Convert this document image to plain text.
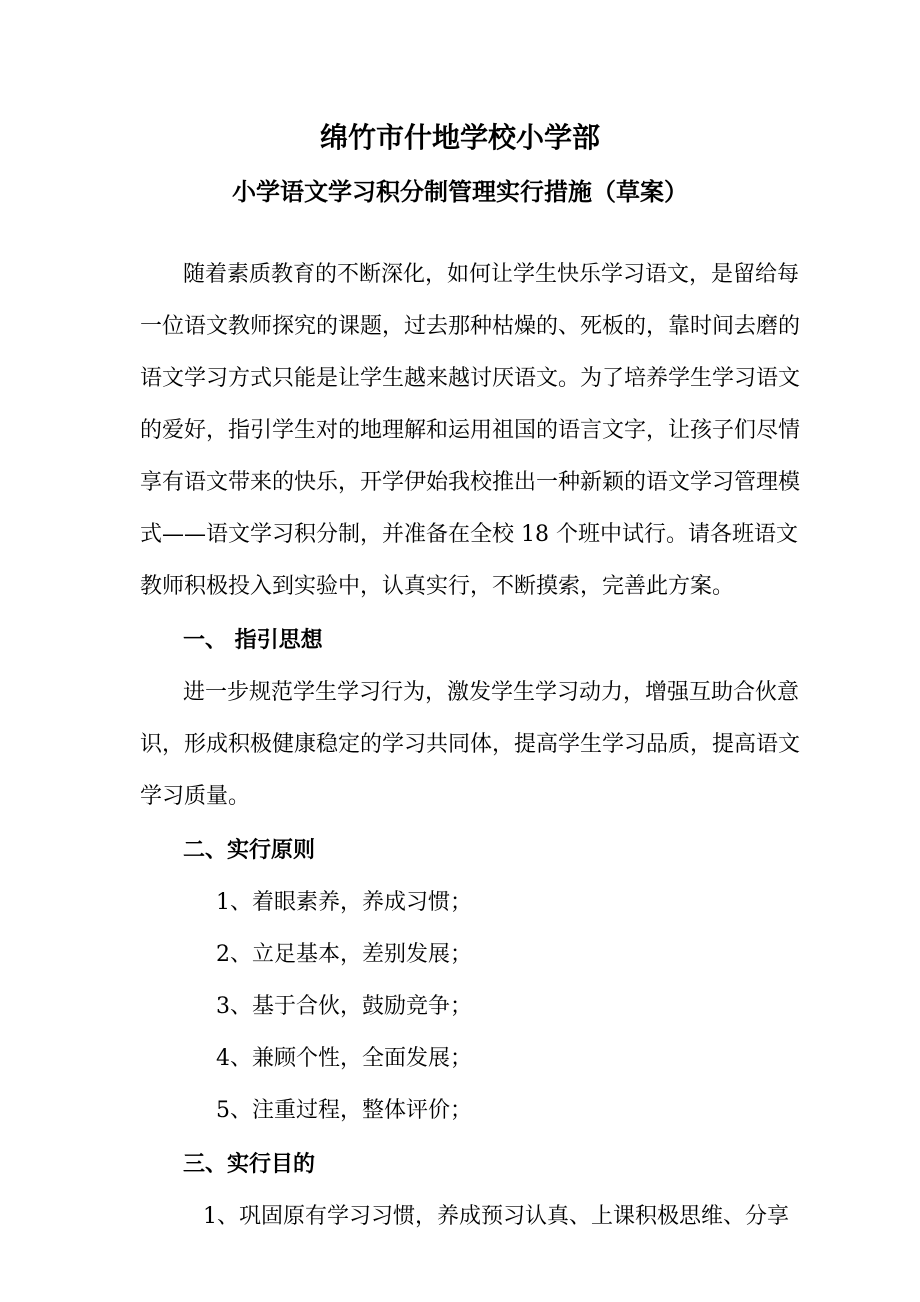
绵竹市什地学校小学部
小学语文学习积分制管理实行措施（草案）
随着素质教育的不断深化，如何让学生快乐学习语文，是留给每
一位语文教师探究的课题，过去那种枯燥的、死板的，靠时间去磨的
语文学习方式只能是让学生越来越讨厌语文。为了培养学生学习语文
的爱好，指引学生对的地理解和运用祖国的语言文字，让孩子们尽情
享有语文带来的快乐，开学伊始我校推出一种新颖的语文学习管理模
式——语文学习积分制，并准备在全校 18 个班中试行。请各班语文
教师积极投入到实验中，认真实行，不断摸索，完善此方案。
一、 指引思想
进一步规范学生学习行为，激发学生学习动力，增强互助合伙意
识，形成积极健康稳定的学习共同体，提高学生学习品质，提高语文
学习质量。
二、实行原则
1、着眼素养，养成习惯；
2、立足基本，差别发展；
3、基于合伙，鼓励竞争；
4、兼顾个性，全面发展；
5、注重过程，整体评价；
三、实行目的
1、巩固原有学习习惯，养成预习认真、上课积极思维、分享
